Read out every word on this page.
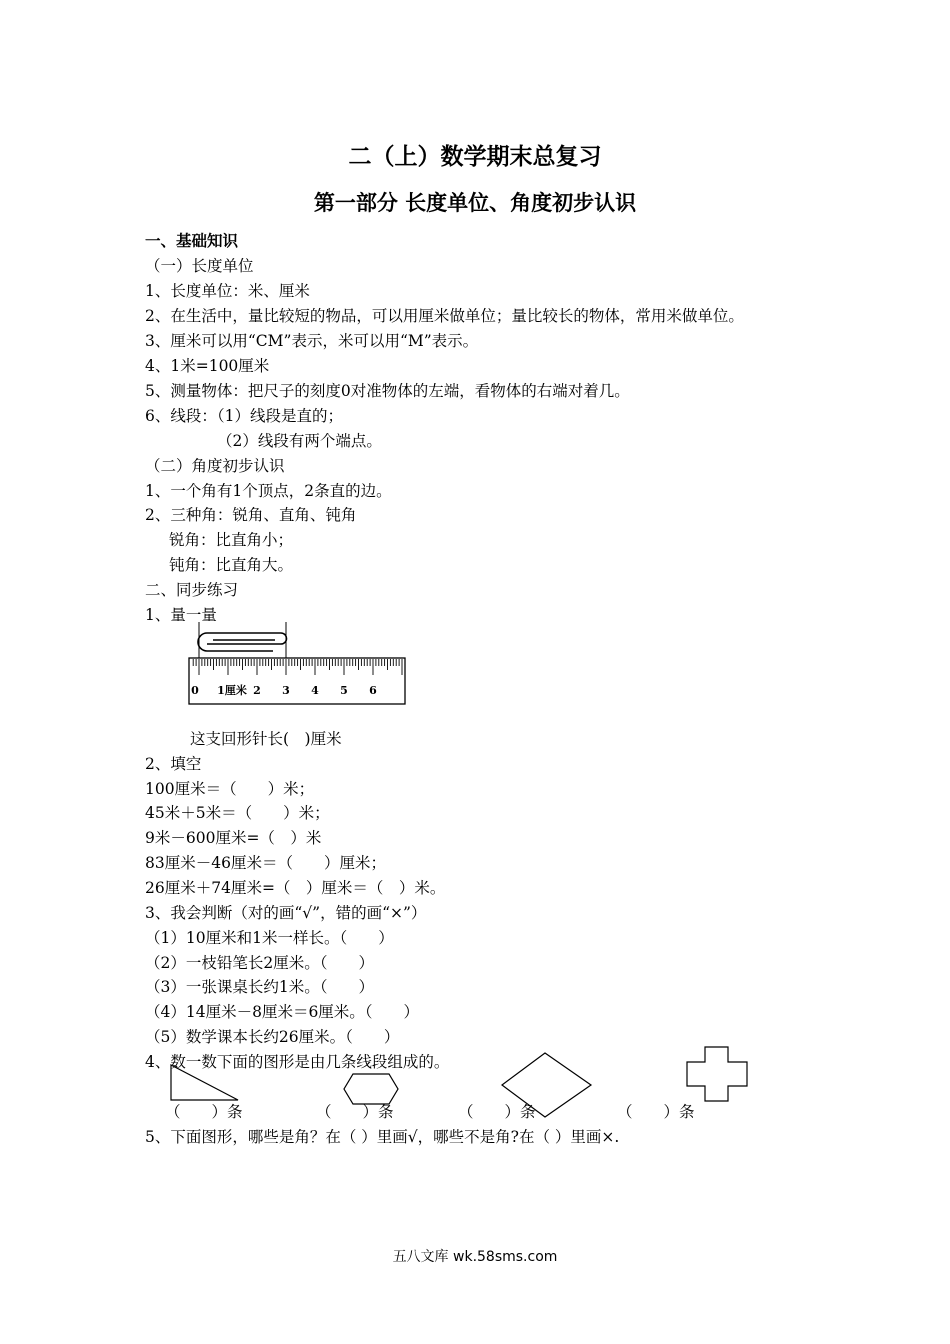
二（上）数学期末总复习
第一部分 长度单位、角度初步认识
一、基础知识
（一）长度单位
1、长度单位：米、厘米
2、在生活中，量比较短的物品，可以用厘米做单位；量比较长的物体，常用米做单位。
3、厘米可以用“CM”表示，米可以用“M”表示。
4、1米=100厘米
5、测量物体：把尺子的刻度0对准物体的左端，看物体的右端对着几。
6、线段：（1）线段是直的；
（2）线段有两个端点。
（二）角度初步认识
1、一个角有1个顶点，2条直的边。
2、三种角：锐角、直角、钝角
锐角：比直角小；
钝角：比直角大。
二、同步练习
1、量一量
0 1厘米 2 3 4 5 6
这支回形针长(　)厘米
2、填空
100厘米＝（　　）米；
45米＋5米＝（　　）米；
9米－600厘米=（　）米
83厘米－46厘米＝（　　）厘米；
26厘米＋74厘米=（　）厘米＝（　）米。
3、我会判断（对的画“√”，错的画“×”）
（1）10厘米和1米一样长。（　　）
（2）一枝铅笔长2厘米。（　　）
（3）一张课桌长约1米。（　　）
（4）14厘米－8厘米＝6厘米。（　　）
（5）数学课本长约26厘米。（　　）
4、数一数下面的图形是由几条线段组成的。
（　　）条	（　　）条	（　　）条	（　　）条
5、下面图形，哪些是角？在（ ）里画√，哪些不是角?在（ ）里画×.
五八文库 wk.58sms.com
